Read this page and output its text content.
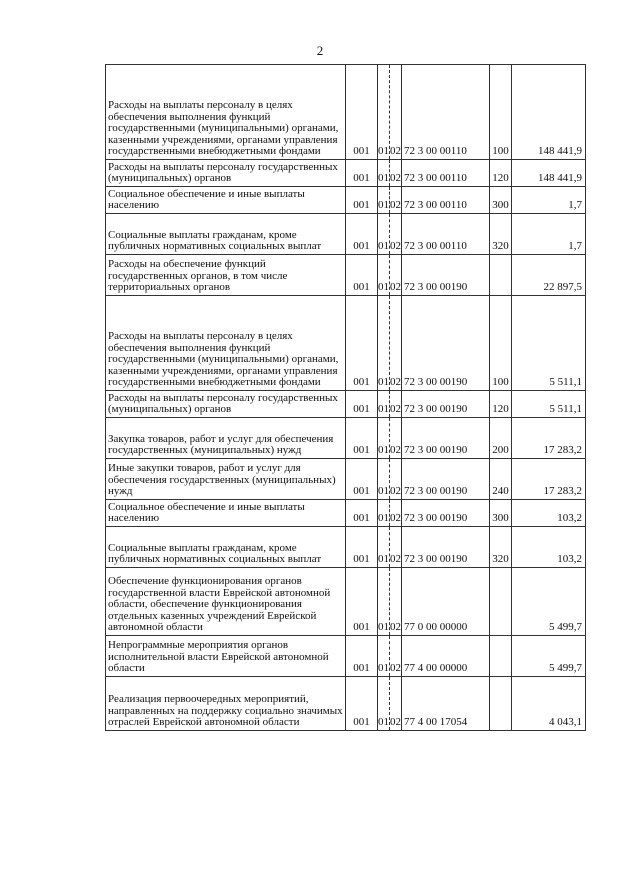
2
Расходы на выплаты персоналу в целях обеспечения выполнения функций государственными (муниципальными) органами, казенными учреждениями, органами управления государственными внебюджетными фондами	001	01	02	72 3 00 00110	100	148 441,9
Расходы на выплаты персоналу государственных (муниципальных) органов	001	01	02	72 3 00 00110	120	148 441,9
Социальное обеспечение и иные выплаты населению	001	01	02	72 3 00 00110	300	1,7
Социальные выплаты гражданам, кроме публичных нормативных социальных выплат	001	01	02	72 3 00 00110	320	1,7
Расходы на обеспечение функций государственных органов, в том числе территориальных органов	001	01	02	72 3 00 00190		22 897,5
Расходы на выплаты персоналу в целях обеспечения выполнения функций государственными (муниципальными) органами, казенными учреждениями, органами управления государственными внебюджетными фондами	001	01	02	72 3 00 00190	100	5 511,1
Расходы на выплаты персоналу государственных (муниципальных) органов	001	01	02	72 3 00 00190	120	5 511,1
Закупка товаров, работ и услуг для обеспечения государственных (муниципальных) нужд	001	01	02	72 3 00 00190	200	17 283,2
Иные закупки товаров, работ и услуг для обеспечения государственных (муниципальных) нужд	001	01	02	72 3 00 00190	240	17 283,2
Социальное обеспечение и иные выплаты населению	001	01	02	72 3 00 00190	300	103,2
Социальные выплаты гражданам, кроме публичных нормативных социальных выплат	001	01	02	72 3 00 00190	320	103,2
Обеспечение функционирования органов государственной власти Еврейской автономной области, обеспечение функционирования отдельных казенных учреждений Еврейской автономной области	001	01	02	77 0 00 00000		5 499,7
Непрограммные мероприятия органов исполнительной власти Еврейской автономной области	001	01	02	77 4 00 00000		5 499,7
Реализация первоочередных мероприятий, направленных на поддержку социально значимых отраслей Еврейской автономной области	001	01	02	77 4 00 17054		4 043,1
